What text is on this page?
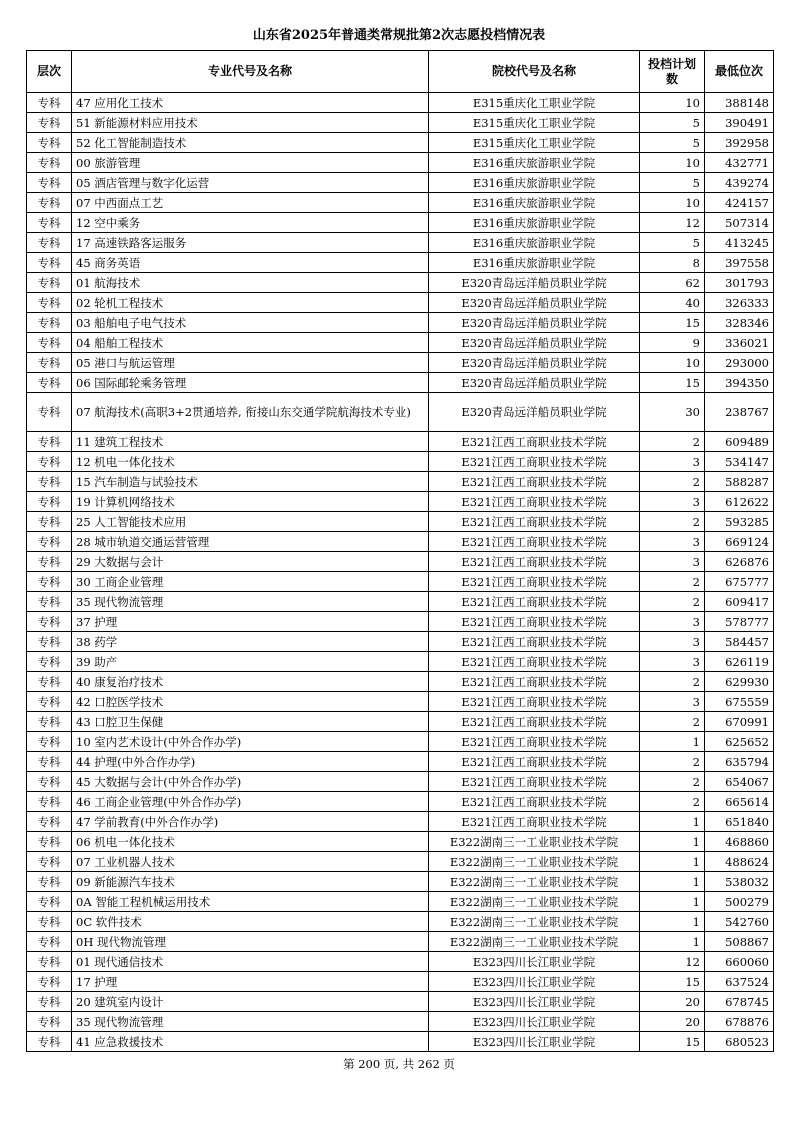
山东省2025年普通类常规批第2次志愿投档情况表
层次	专业代号及名称	院校代号及名称	投档计划数	最低位次
专科	47 应用化工技术	E315重庆化工职业学院	10	388148
专科	51 新能源材料应用技术	E315重庆化工职业学院	5	390491
专科	52 化工智能制造技术	E315重庆化工职业学院	5	392958
专科	00 旅游管理	E316重庆旅游职业学院	10	432771
专科	05 酒店管理与数字化运营	E316重庆旅游职业学院	5	439274
专科	07 中西面点工艺	E316重庆旅游职业学院	10	424157
专科	12 空中乘务	E316重庆旅游职业学院	12	507314
专科	17 高速铁路客运服务	E316重庆旅游职业学院	5	413245
专科	45 商务英语	E316重庆旅游职业学院	8	397558
专科	01 航海技术	E320青岛远洋船员职业学院	62	301793
专科	02 轮机工程技术	E320青岛远洋船员职业学院	40	326333
专科	03 船舶电子电气技术	E320青岛远洋船员职业学院	15	328346
专科	04 船舶工程技术	E320青岛远洋船员职业学院	9	336021
专科	05 港口与航运管理	E320青岛远洋船员职业学院	10	293000
专科	06 国际邮轮乘务管理	E320青岛远洋船员职业学院	15	394350
专科	07 航海技术(高职3+2贯通培养, 衔接山东交通学院航海技术专业)	E320青岛远洋船员职业学院	30	238767
专科	11 建筑工程技术	E321江西工商职业技术学院	2	609489
专科	12 机电一体化技术	E321江西工商职业技术学院	3	534147
专科	15 汽车制造与试验技术	E321江西工商职业技术学院	2	588287
专科	19 计算机网络技术	E321江西工商职业技术学院	3	612622
专科	25 人工智能技术应用	E321江西工商职业技术学院	2	593285
专科	28 城市轨道交通运营管理	E321江西工商职业技术学院	3	669124
专科	29 大数据与会计	E321江西工商职业技术学院	3	626876
专科	30 工商企业管理	E321江西工商职业技术学院	2	675777
专科	35 现代物流管理	E321江西工商职业技术学院	2	609417
专科	37 护理	E321江西工商职业技术学院	3	578777
专科	38 药学	E321江西工商职业技术学院	3	584457
专科	39 助产	E321江西工商职业技术学院	3	626119
专科	40 康复治疗技术	E321江西工商职业技术学院	2	629930
专科	42 口腔医学技术	E321江西工商职业技术学院	3	675559
专科	43 口腔卫生保健	E321江西工商职业技术学院	2	670991
专科	10 室内艺术设计(中外合作办学)	E321江西工商职业技术学院	1	625652
专科	44 护理(中外合作办学)	E321江西工商职业技术学院	2	635794
专科	45 大数据与会计(中外合作办学)	E321江西工商职业技术学院	2	654067
专科	46 工商企业管理(中外合作办学)	E321江西工商职业技术学院	2	665614
专科	47 学前教育(中外合作办学)	E321江西工商职业技术学院	1	651840
专科	06 机电一体化技术	E322湖南三一工业职业技术学院	1	468860
专科	07 工业机器人技术	E322湖南三一工业职业技术学院	1	488624
专科	09 新能源汽车技术	E322湖南三一工业职业技术学院	1	538032
专科	0A 智能工程机械运用技术	E322湖南三一工业职业技术学院	1	500279
专科	0C 软件技术	E322湖南三一工业职业技术学院	1	542760
专科	0H 现代物流管理	E322湖南三一工业职业技术学院	1	508867
专科	01 现代通信技术	E323四川长江职业学院	12	660060
专科	17 护理	E323四川长江职业学院	15	637524
专科	20 建筑室内设计	E323四川长江职业学院	20	678745
专科	35 现代物流管理	E323四川长江职业学院	20	678876
专科	41 应急救援技术	E323四川长江职业学院	15	680523
第 200 页, 共 262 页
